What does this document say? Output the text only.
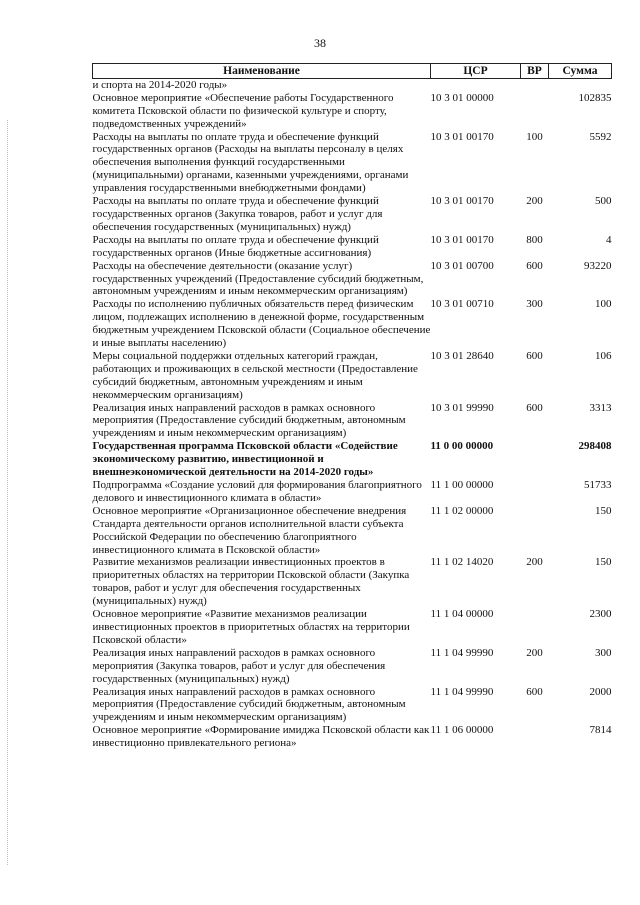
38
Наименование	ЦСР	ВР	Сумма
и спорта на 2014-2020 годы»			
Основное мероприятие «Обеспечение работы Государственного комитета Псковской области по физической культуре и спорту, подведомственных учреждений»	10 3 01 00000		102835
Расходы на выплаты по оплате труда и обеспечение функций государственных органов (Расходы на выплаты персоналу в целях обеспечения выполнения функций государственными (муниципальными) органами, казенными учреждениями, органами управления государственными внебюджетными фондами)	10 3 01 00170	100	5592
Расходы на выплаты по оплате труда и обеспечение функций государственных органов (Закупка товаров, работ и услуг для обеспечения государственных (муниципальных) нужд)	10 3 01 00170	200	500
Расходы на выплаты по оплате труда и обеспечение функций государственных органов (Иные бюджетные ассигнования)	10 3 01 00170	800	4
Расходы на обеспечение деятельности (оказание услуг) государственных учреждений (Предоставление субсидий бюджетным, автономным учреждениям и иным некоммерческим организациям)	10 3 01 00700	600	93220
Расходы по исполнению публичных обязательств перед физическим лицом, подлежащих исполнению в денежной форме, государственным бюджетным учреждением Псковской области (Социальное обеспечение и иные выплаты населению)	10 3 01 00710	300	100
Меры социальной поддержки отдельных категорий граждан, работающих и проживающих в сельской местности (Предоставление субсидий бюджетным, автономным учреждениям и иным некоммерческим организациям)	10 3 01 28640	600	106
Реализация иных направлений расходов в рамках основного мероприятия (Предоставление субсидий бюджетным, автономным учреждениям и иным некоммерческим организациям)	10 3 01 99990	600	3313
Государственная программа Псковской области «Содействие экономическому развитию, инвестиционной и внешнеэкономической деятельности на 2014-2020 годы»	11 0 00 00000		298408
Подпрограмма «Создание условий для формирования благоприятного делового и инвестиционного климата в области»	11 1 00 00000		51733
Основное мероприятие «Организационное обеспечение внедрения Стандарта деятельности органов исполнительной власти субъекта Российской Федерации по обеспечению благоприятного инвестиционного климата в Псковской области»	11 1 02 00000		150
Развитие механизмов реализации инвестиционных проектов в приоритетных областях на территории Псковской области (Закупка товаров, работ и услуг для обеспечения государственных (муниципальных) нужд)	11 1 02 14020	200	150
Основное мероприятие «Развитие механизмов реализации инвестиционных проектов в приоритетных областях на территории Псковской области»	11 1 04 00000		2300
Реализация иных направлений расходов в рамках основного мероприятия (Закупка товаров, работ и услуг для обеспечения государственных (муниципальных) нужд)	11 1 04 99990	200	300
Реализация иных направлений расходов в рамках основного мероприятия (Предоставление субсидий бюджетным, автономным учреждениям и иным некоммерческим организациям)	11 1 04 99990	600	2000
Основное мероприятие «Формирование имиджа Псковской области как инвестиционно привлекательного региона»	11 1 06 00000		7814
